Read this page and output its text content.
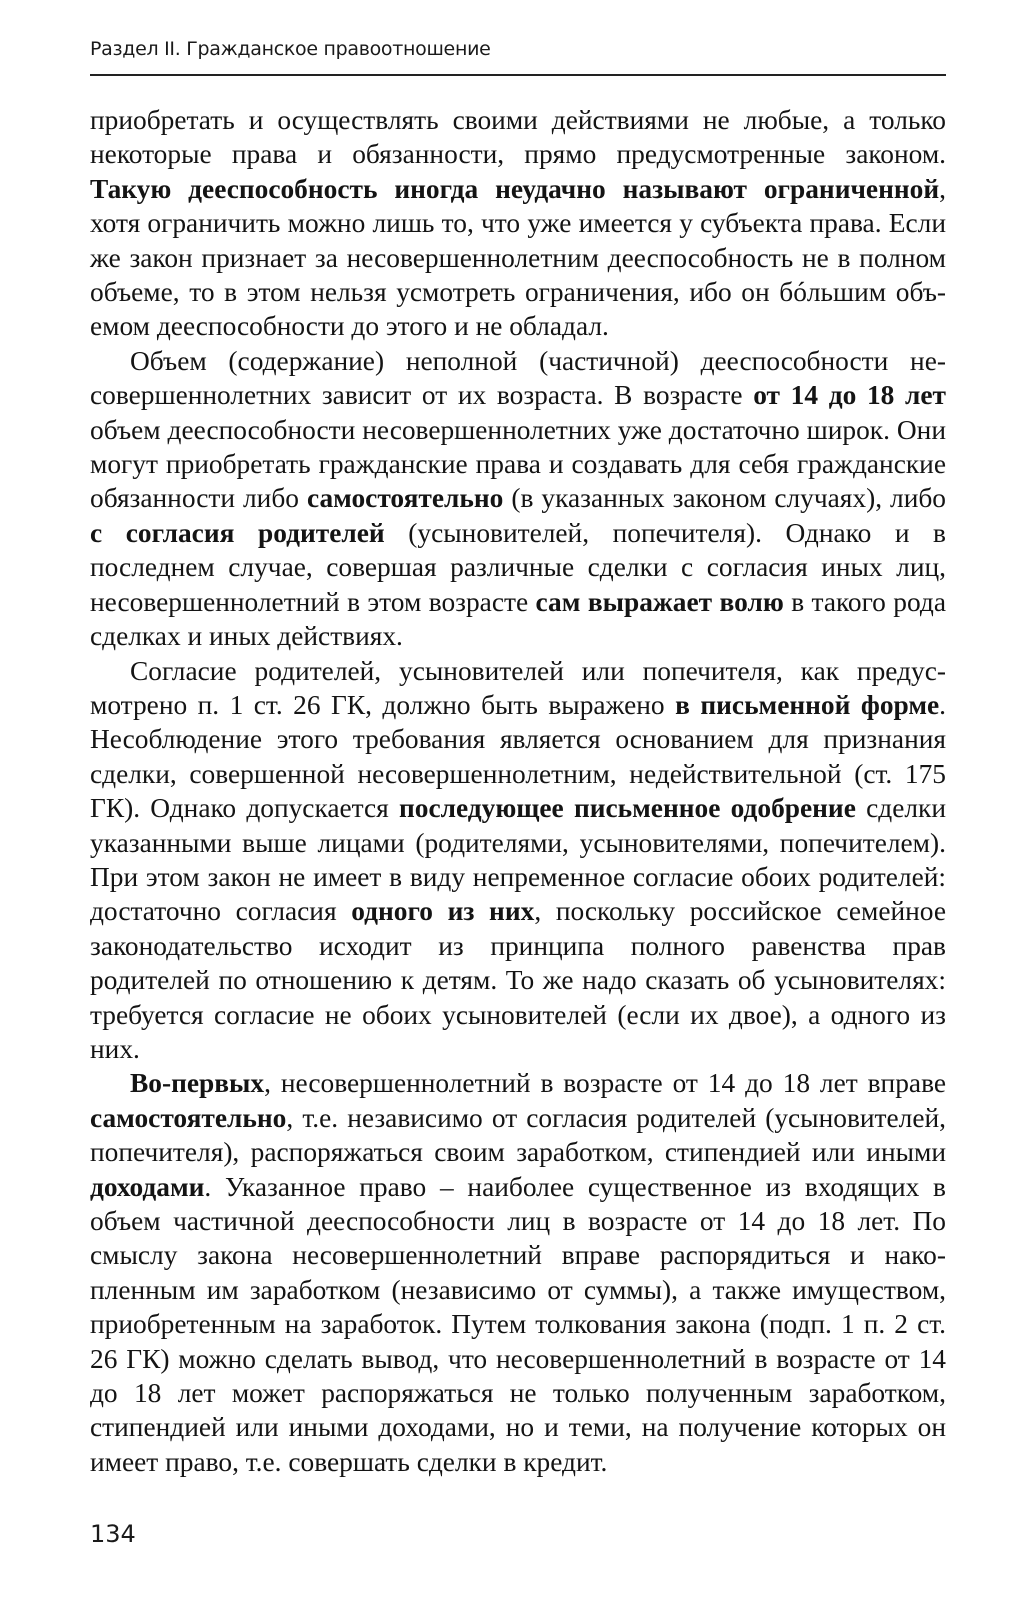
Раздел II. Гражданское правоотношение

приобретать и осуществлять своими действиями не любые, а только некоторые права и обязанности, прямо предусмотренные законом. Такую дееспособность иногда неудачно называют ограниченной, хотя ограничить можно лишь то, что уже имеется у субъекта права. Если же закон признает за несовершеннолетним дееспособность не в полном объеме, то в этом нельзя усмотреть ограничения, ибо он бóльшим объемом дееспособности до этого и не обладал.

Объем (содержание) неполной (частичной) дееспособности несовершеннолетних зависит от их возраста. В возрасте от 14 до 18 лет объем дееспособности несовершеннолетних уже достаточно широк. Они могут приобретать гражданские права и создавать для себя гражданские обязанности либо самостоятельно (в указанных законом случаях), либо с согласия родителей (усыновителей, попечителя). Однако и в последнем случае, совершая различные сделки с согласия иных лиц, несовершеннолетний в этом возрасте сам выражает волю в такого рода сделках и иных действиях.

Согласие родителей, усыновителей или попечителя, как предусмотрено п. 1 ст. 26 ГК, должно быть выражено в письменной форме. Несоблюдение этого требования является основанием для признания сделки, совершенной несовершеннолетним, недействительной (ст. 175 ГК). Однако допускается последующее письменное одобрение сделки указанными выше лицами (родителями, усыновителями, попечителем). При этом закон не имеет в виду непременное согласие обоих родителей: достаточно согласия одного из них, поскольку российское семейное законодательство исходит из принципа полного равенства прав родителей по отношению к детям. То же надо сказать об усыновителях: требуется согласие не обоих усыновителей (если их двое), а одного из них.

Во-первых, несовершеннолетний в возрасте от 14 до 18 лет вправе самостоятельно, т.е. независимо от согласия родителей (усыновителей, попечителя), распоряжаться своим заработком, стипендией или иными доходами. Указанное право – наиболее существенное из входящих в объем частичной дееспособности лиц в возрасте от 14 до 18 лет. По смыслу закона несовершеннолетний вправе распорядиться и накопленным им заработком (независимо от суммы), а также имуществом, приобретенным на заработок. Путем толкования закона (подп. 1 п. 2 ст. 26 ГК) можно сделать вывод, что несовершеннолетний в возрасте от 14 до 18 лет может распоряжаться не только полученным заработком, стипендией или иными доходами, но и теми, на получение которых он имеет право, т.е. совершать сделки в кредит.

134
